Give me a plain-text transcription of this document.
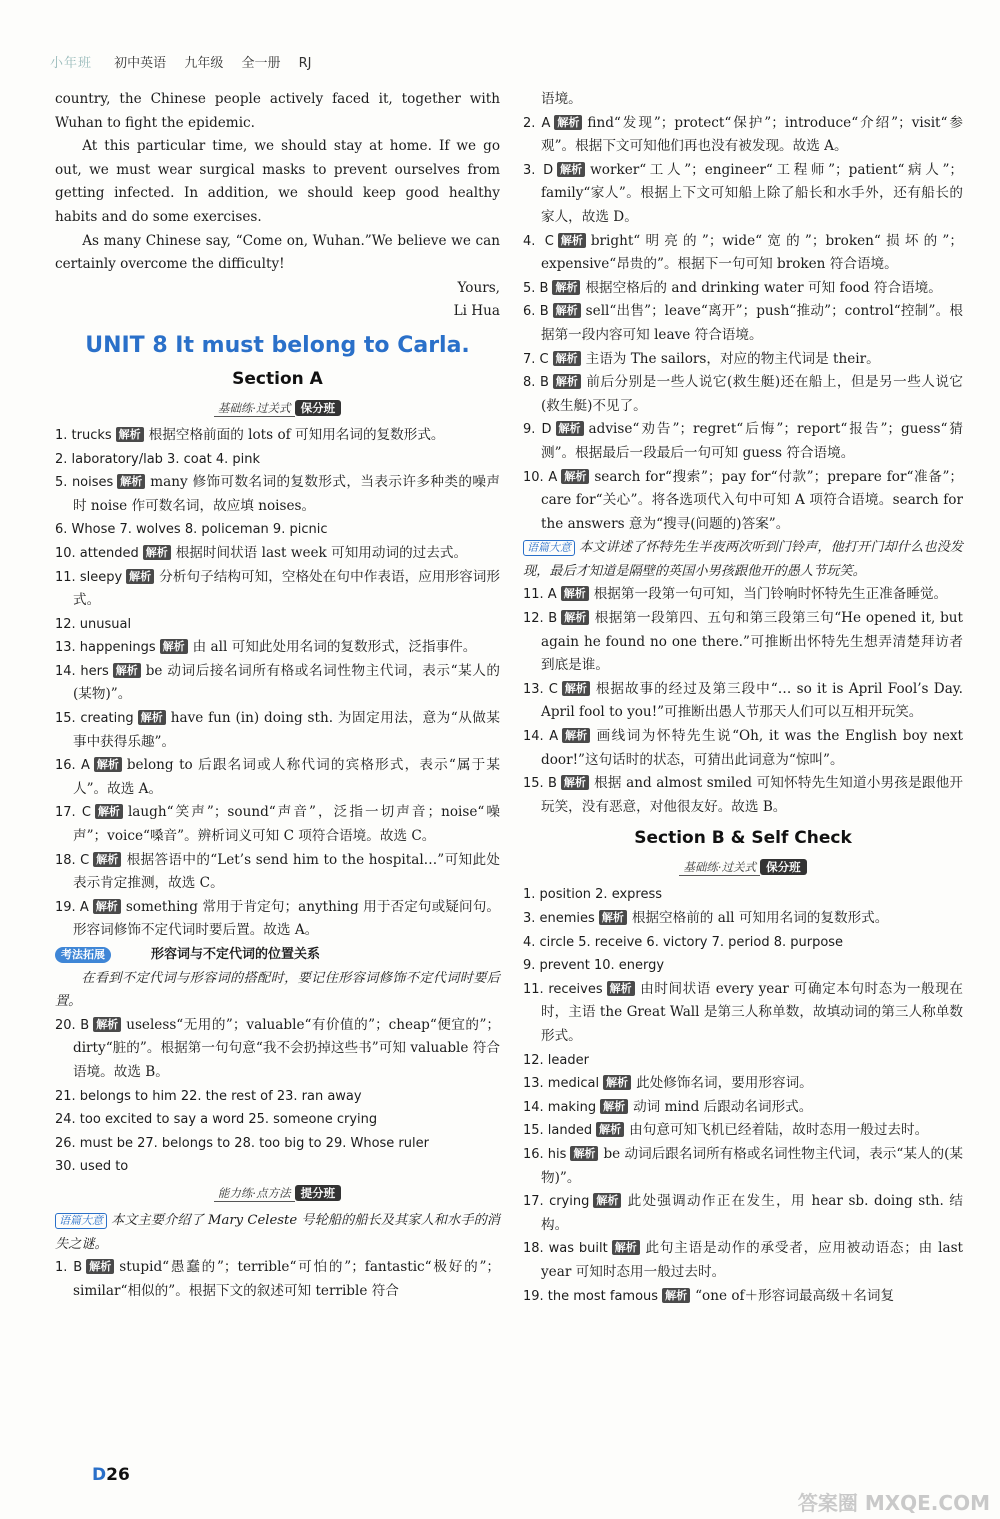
小年班 初中英语 九年级 全一册 RJ

country, the Chinese people actively faced it, together with Wuhan to fight the epidemic.

At this particular time, we should stay at home. If we go out, we must wear surgical masks to prevent ourselves from getting infected. In addition, we should keep good healthy habits and do some exercises.

As many Chinese say, “Come on, Wuhan.”We believe we can certainly overcome the difficulty!

Yours,

Li Hua

UNIT 8 It must belong to Carla.
Section A
基础练·过关式 保分班
1. trucks 解析 根据空格前面的 lots of 可知用名词的复数形式。
2. laboratory/lab 3. coat 4. pink
5. noises 解析 many 修饰可数名词的复数形式，当表示许多种类的噪声时 noise 作可数名词，故应填 noises。
6. Whose 7. wolves 8. policeman 9. picnic
10. attended 解析 根据时间状语 last week 可知用动词的过去式。
11. sleepy 解析 分析句子结构可知，空格处在句中作表语，应用形容词形式。
12. unusual
13. happenings 解析 由 all 可知此处用名词的复数形式，泛指事件。
14. hers 解析 be 动词后接名词所有格或名词性物主代词，表示“某人的(某物)”。
15. creating 解析 have fun (in) doing sth. 为固定用法，意为“从做某事中获得乐趣”。
16. A 解析 belong to 后跟名词或人称代词的宾格形式，表示“属于某人”。故选 A。
17. C 解析 laugh“笑声”；sound“声音”，泛指一切声音；noise“噪声”；voice“嗓音”。辨析词义可知 C 项符合语境。故选 C。
18. C 解析 根据答语中的“Let’s send him to the hospital…”可知此处表示肯定推测，故选 C。
19. A 解析 something 常用于肯定句；anything 用于否定句或疑问句。形容词修饰不定代词时要后置。故选 A。
考法拓展	形容词与不定代词的位置关系

在看到不定代词与形容词的搭配时，要记住形容词修饰不定代词时要后置。

20. B 解析 useless“无用的”；valuable“有价值的”；cheap“便宜的”；dirty“脏的”。根据第一句句意“我不会扔掉这些书”可知 valuable 符合语境。故选 B。
21. belongs to him 22. the rest of 23. ran away
24. too excited to say a word 25. someone crying
26. must be 27. belongs to 28. too big to 29. Whose ruler
30. used to
能力练·点方法 提分班

语篇大意 本文主要介绍了 Mary Celeste 号轮船的船长及其家人和水手的消失之谜。

1. B 解析 stupid“愚蠢的”；terrible“可怕的”；fantastic“极好的”；similar“相似的”。根据下文的叙述可知 terrible 符合

语境。

2. A 解析 find“发现”；protect“保护”；introduce“介绍”；visit“参观”。根据下文可知他们再也没有被发现。故选 A。
3. D 解析 worker“工人”；engineer“工程师”；patient“病人”；family“家人”。根据上下文可知船上除了船长和水手外，还有船长的家人，故选 D。
4. C 解析 bright“明亮的”；wide“宽的”；broken“损坏的”；expensive“昂贵的”。根据下一句可知 broken 符合语境。
5. B 解析 根据空格后的 and drinking water 可知 food 符合语境。
6. B 解析 sell“出售”；leave“离开”；push“推动”；control“控制”。根据第一段内容可知 leave 符合语境。
7. C 解析 主语为 The sailors，对应的物主代词是 their。
8. B 解析 前后分别是一些人说它(救生艇)还在船上，但是另一些人说它(救生艇)不见了。
9. D 解析 advise“劝告”；regret“后悔”；report“报告”；guess“猜测”。根据最后一段最后一句可知 guess 符合语境。
10. A 解析 search for“搜索”；pay for“付款”；prepare for“准备”；care for“关心”。将各选项代入句中可知 A 项符合语境。search for the answers 意为“搜寻(问题的)答案”。

语篇大意 本文讲述了怀特先生半夜两次听到门铃声，他打开门却什么也没发现，最后才知道是隔壁的英国小男孩跟他开的愚人节玩笑。

11. A 解析 根据第一段第一句可知，当门铃响时怀特先生正准备睡觉。
12. B 解析 根据第一段第四、五句和第三段第三句“He opened it, but again he found no one there.”可推断出怀特先生想弄清楚拜访者到底是谁。
13. C 解析 根据故事的经过及第三段中“… so it is April Fool’s Day. April fool to you!”可推断出愚人节那天人们可以互相开玩笑。
14. A 解析 画线词为怀特先生说“Oh, it was the English boy next door!”这句话时的状态，可猜出此词意为“惊叫”。
15. B 解析 根据 and almost smiled 可知怀特先生知道小男孩是跟他开玩笑，没有恶意，对他很友好。故选 B。
Section B & Self Check
基础练·过关式 保分班
1. position 2. express
3. enemies 解析 根据空格前的 all 可知用名词的复数形式。
4. circle 5. receive 6. victory 7. period 8. purpose
9. prevent 10. energy
11. receives 解析 由时间状语 every year 可确定本句时态为一般现在时，主语 the Great Wall 是第三人称单数，故填动词的第三人称单数形式。
12. leader
13. medical 解析 此处修饰名词，要用形容词。
14. making 解析 动词 mind 后跟动名词形式。
15. landed 解析 由句意可知飞机已经着陆，故时态用一般过去时。
16. his 解析 be 动词后跟名词所有格或名词性物主代词，表示“某人的(某物)”。
17. crying 解析 此处强调动作正在发生，用 hear sb. doing sth. 结构。
18. was built 解析 此句主语是动作的承受者，应用被动语态；由 last year 可知时态用一般过去时。
19. the most famous 解析 “one of＋形容词最高级＋名词复
D26
答案圈 MXQE.COM
